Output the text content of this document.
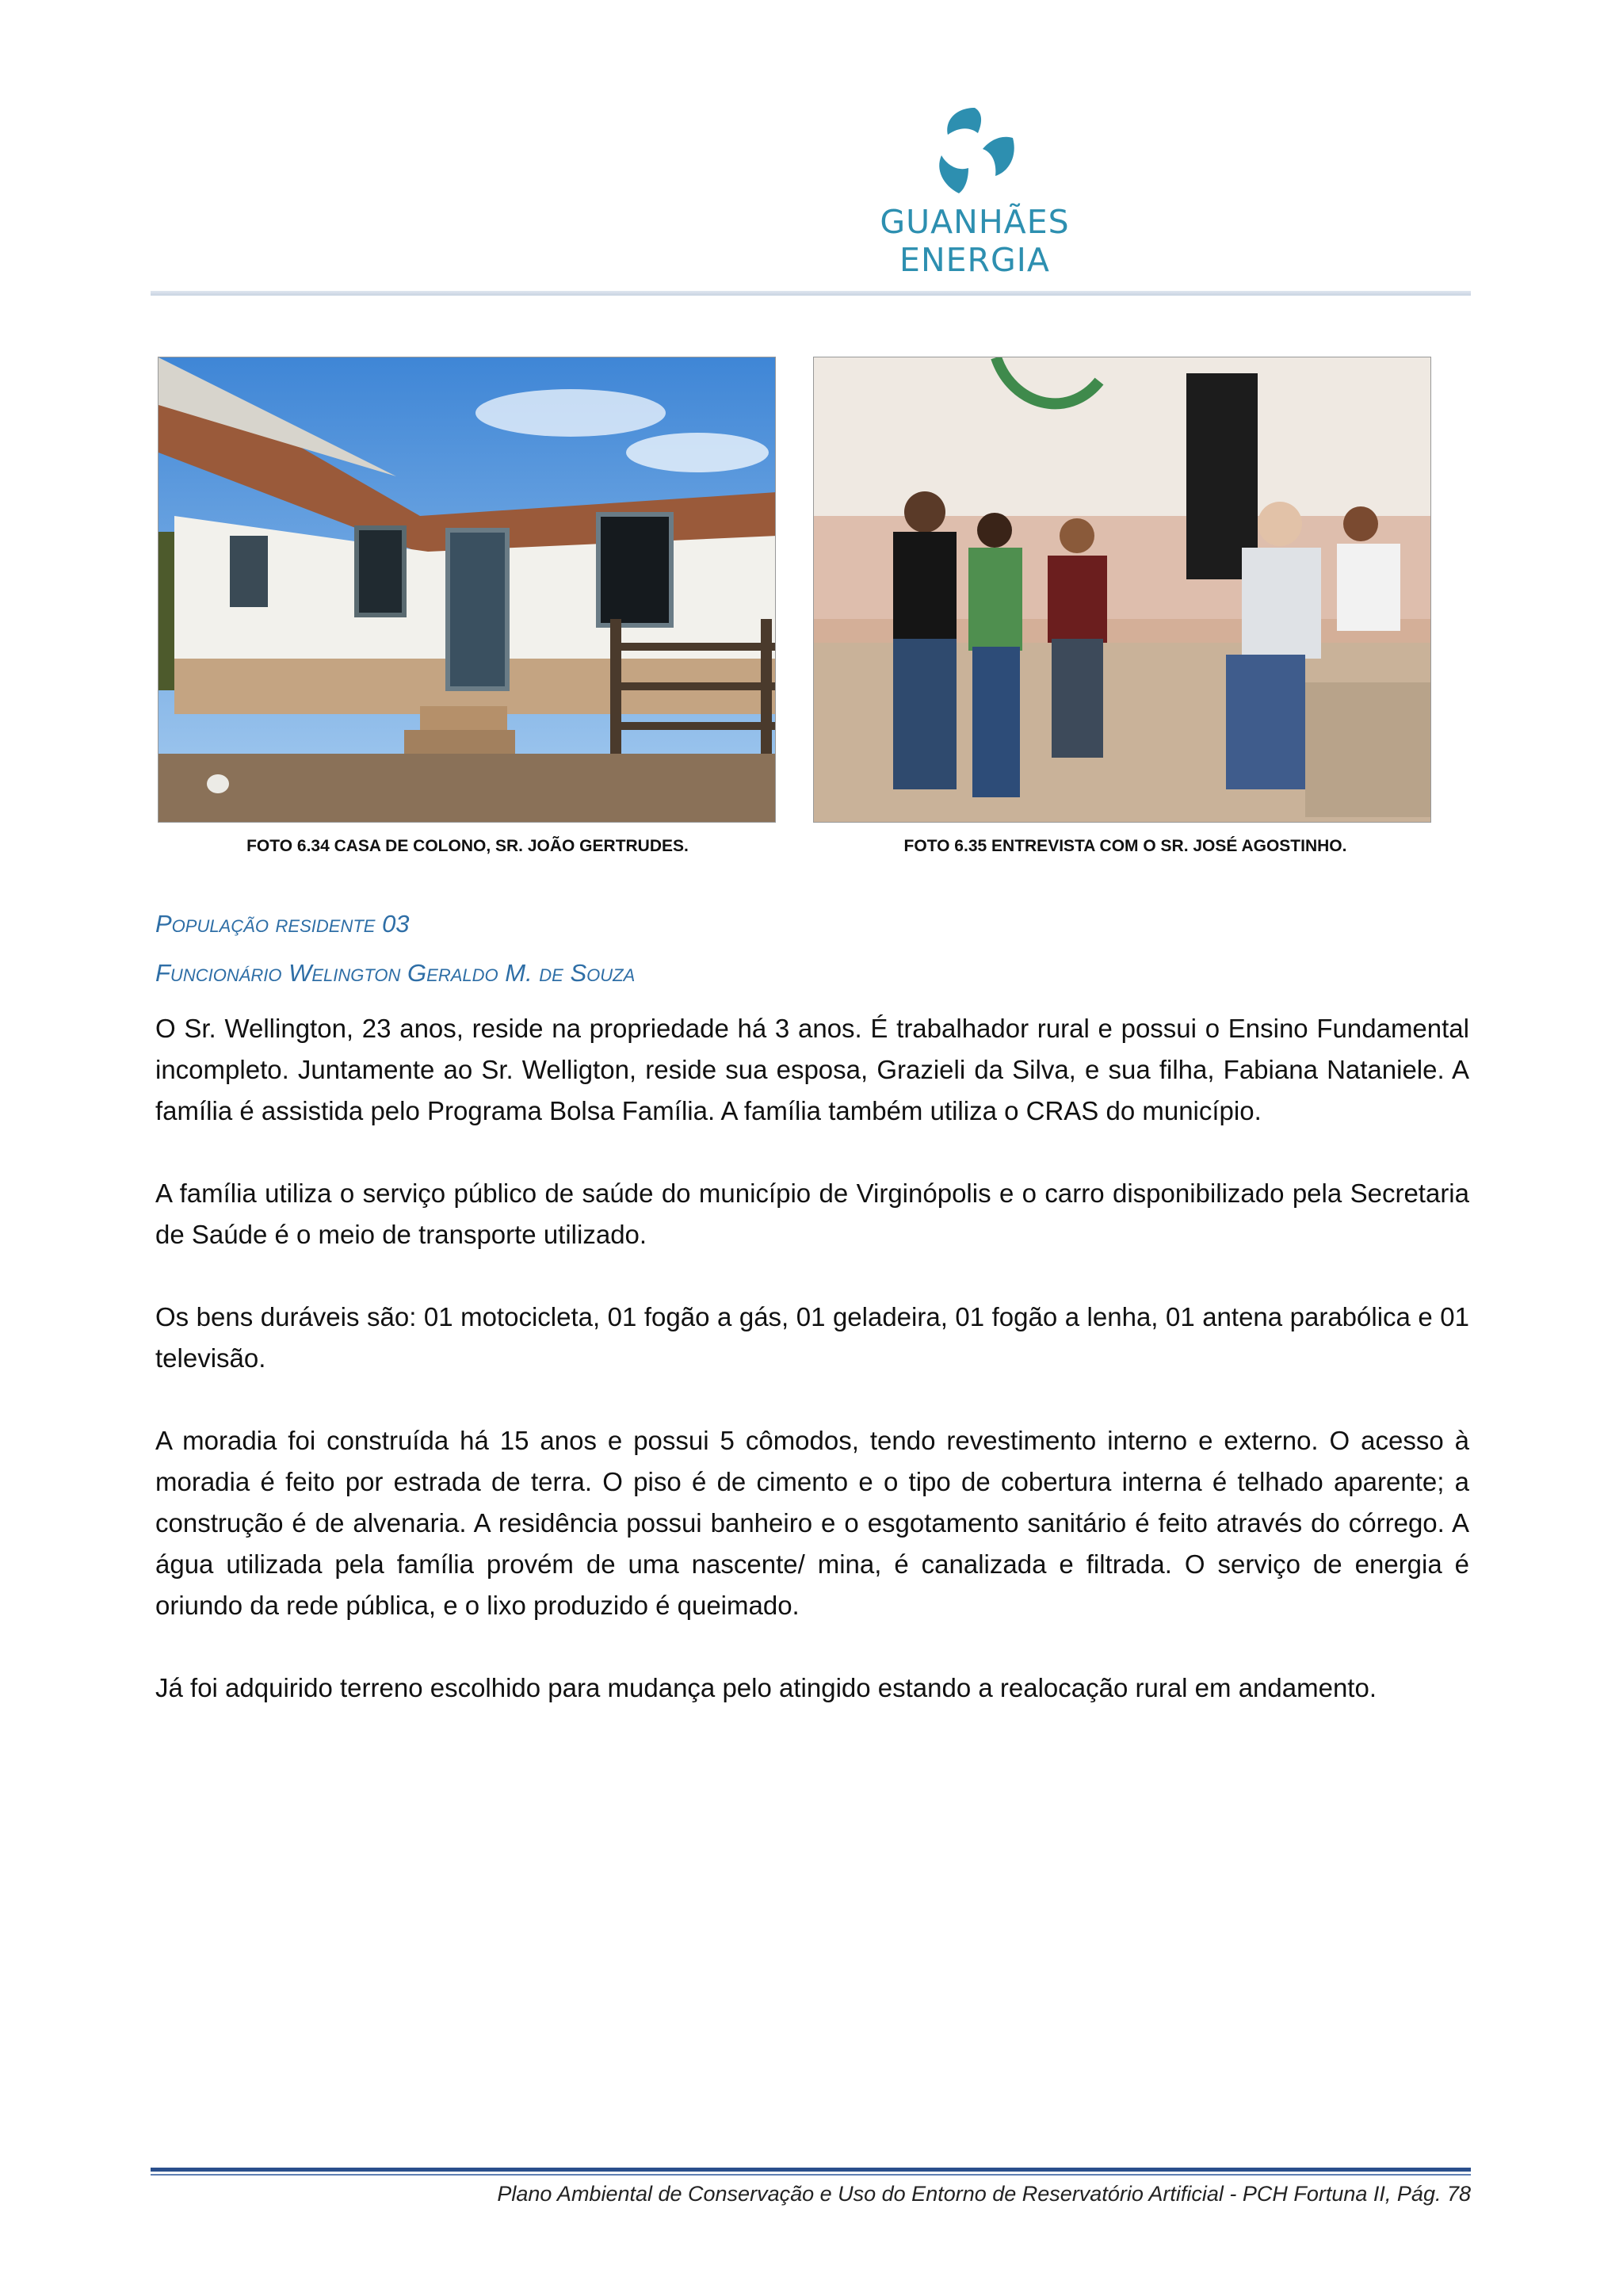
GUANHÃES ENERGIA
FOTO 6.34 CASA DE COLONO, SR. JOÃO GERTRUDES.	FOTO 6.35 ENTREVISTA COM O SR. JOSÉ AGOSTINHO.
População residente 03
Funcionário Welington Geraldo M. de Souza

O Sr. Wellington, 23 anos, reside na propriedade há 3 anos. É trabalhador rural e possui o Ensino Fundamental incompleto. Juntamente ao Sr. Welligton, reside sua esposa, Grazieli da Silva, e sua filha, Fabiana Nataniele. A família é assistida pelo Programa Bolsa Família. A família também utiliza o CRAS do município.

A família utiliza o serviço público de saúde do município de Virginópolis e o carro disponibilizado pela Secretaria de Saúde é o meio de transporte utilizado.

Os bens duráveis são: 01 motocicleta, 01 fogão a gás, 01 geladeira, 01 fogão a lenha, 01 antena parabólica e 01 televisão.

A moradia foi construída há 15 anos e possui 5 cômodos, tendo revestimento interno e externo. O acesso à moradia é feito por estrada de terra. O piso é de cimento e o tipo de cobertura interna é telhado aparente; a construção é de alvenaria. A residência possui banheiro e o esgotamento sanitário é feito através do córrego. A água utilizada pela família provém de uma nascente/ mina, é canalizada e filtrada. O serviço de energia é oriundo da rede pública, e o lixo produzido é queimado.

Já foi adquirido terreno escolhido para mudança pelo atingido estando a realocação rural em andamento.

Plano Ambiental de Conservação e Uso do Entorno de Reservatório Artificial - PCH Fortuna II, Pág. 78
